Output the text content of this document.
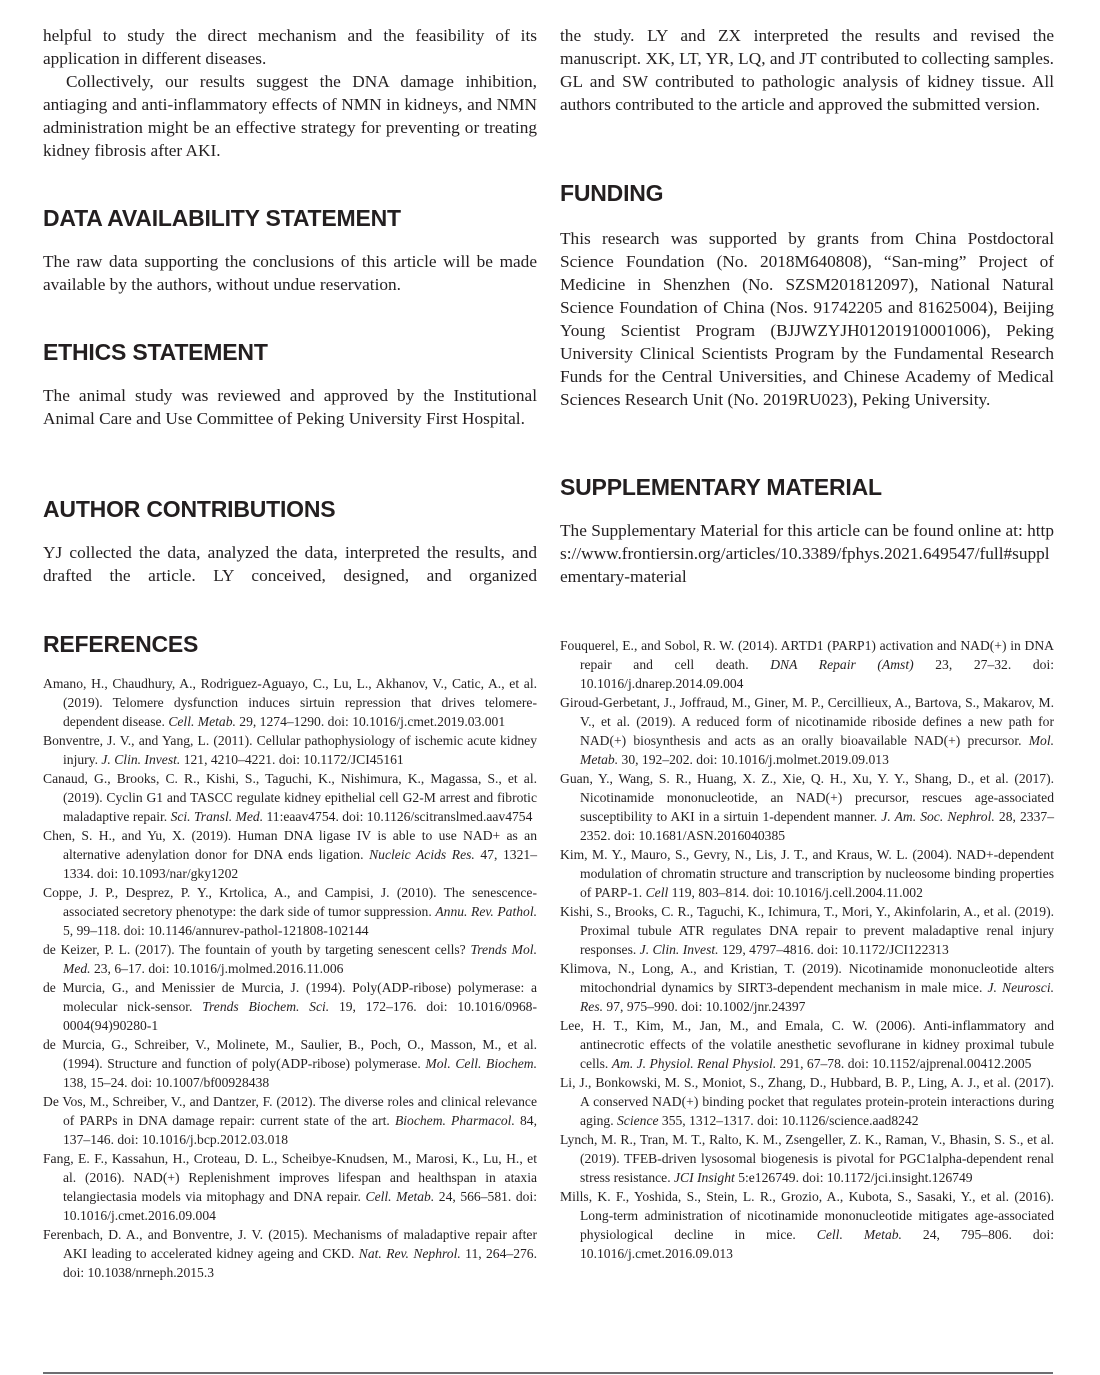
helpful to study the direct mechanism and the feasibility of its application in different diseases.

Collectively, our results suggest the DNA damage inhibition, antiaging and anti-inflammatory effects of NMN in kidneys, and NMN administration might be an effective strategy for preventing or treating kidney fibrosis after AKI.

DATA AVAILABILITY STATEMENT

The raw data supporting the conclusions of this article will be made available by the authors, without undue reservation.

ETHICS STATEMENT

The animal study was reviewed and approved by the Institutional Animal Care and Use Committee of Peking University First Hospital.

AUTHOR CONTRIBUTIONS

YJ collected the data, analyzed the data, interpreted the results, and drafted the article. LY conceived, designed, and organized

the study. LY and ZX interpreted the results and revised the manuscript. XK, LT, YR, LQ, and JT contributed to collecting samples. GL and SW contributed to pathologic analysis of kidney tissue. All authors contributed to the article and approved the submitted version.

FUNDING

This research was supported by grants from China Postdoctoral Science Foundation (No. 2018M640808), “San-ming” Project of Medicine in Shenzhen (No. SZSM201812097), National Natural Science Foundation of China (Nos. 91742205 and 81625004), Beijing Young Scientist Program (BJJWZYJH01201910001006), Peking University Clinical Scientists Program by the Fundamental Research Funds for the Central Universities, and Chinese Academy of Medical Sciences Research Unit (No. 2019RU023), Peking University.

SUPPLEMENTARY MATERIAL

The Supplementary Material for this article can be found online at: https://www.frontiersin.org/articles/10.3389/fphys.2021.649547/full#supplementary-material

REFERENCES

Amano, H., Chaudhury, A., Rodriguez-Aguayo, C., Lu, L., Akhanov, V., Catic, A., et al. (2019). Telomere dysfunction induces sirtuin repression that drives telomere-dependent disease. Cell. Metab. 29, 1274–1290. doi: 10.1016/j.cmet.2019.03.001

Bonventre, J. V., and Yang, L. (2011). Cellular pathophysiology of ischemic acute kidney injury. J. Clin. Invest. 121, 4210–4221. doi: 10.1172/JCI45161

Canaud, G., Brooks, C. R., Kishi, S., Taguchi, K., Nishimura, K., Magassa, S., et al. (2019). Cyclin G1 and TASCC regulate kidney epithelial cell G2-M arrest and fibrotic maladaptive repair. Sci. Transl. Med. 11:eaav4754. doi: 10.1126/scitranslmed.aav4754

Chen, S. H., and Yu, X. (2019). Human DNA ligase IV is able to use NAD+ as an alternative adenylation donor for DNA ends ligation. Nucleic Acids Res. 47, 1321–1334. doi: 10.1093/nar/gky1202

Coppe, J. P., Desprez, P. Y., Krtolica, A., and Campisi, J. (2010). The senescence-associated secretory phenotype: the dark side of tumor suppression. Annu. Rev. Pathol. 5, 99–118. doi: 10.1146/annurev-pathol-121808-102144

de Keizer, P. L. (2017). The fountain of youth by targeting senescent cells? Trends Mol. Med. 23, 6–17. doi: 10.1016/j.molmed.2016.11.006

de Murcia, G., and Menissier de Murcia, J. (1994). Poly(ADP-ribose) polymerase: a molecular nick-sensor. Trends Biochem. Sci. 19, 172–176. doi: 10.1016/0968-0004(94)90280-1

de Murcia, G., Schreiber, V., Molinete, M., Saulier, B., Poch, O., Masson, M., et al. (1994). Structure and function of poly(ADP-ribose) polymerase. Mol. Cell. Biochem. 138, 15–24. doi: 10.1007/bf00928438

De Vos, M., Schreiber, V., and Dantzer, F. (2012). The diverse roles and clinical relevance of PARPs in DNA damage repair: current state of the art. Biochem. Pharmacol. 84, 137–146. doi: 10.1016/j.bcp.2012.03.018

Fang, E. F., Kassahun, H., Croteau, D. L., Scheibye-Knudsen, M., Marosi, K., Lu, H., et al. (2016). NAD(+) Replenishment improves lifespan and healthspan in ataxia telangiectasia models via mitophagy and DNA repair. Cell. Metab. 24, 566–581. doi: 10.1016/j.cmet.2016.09.004

Ferenbach, D. A., and Bonventre, J. V. (2015). Mechanisms of maladaptive repair after AKI leading to accelerated kidney ageing and CKD. Nat. Rev. Nephrol. 11, 264–276. doi: 10.1038/nrneph.2015.3

Fouquerel, E., and Sobol, R. W. (2014). ARTD1 (PARP1) activation and NAD(+) in DNA repair and cell death. DNA Repair (Amst) 23, 27–32. doi: 10.1016/j.dnarep.2014.09.004

Giroud-Gerbetant, J., Joffraud, M., Giner, M. P., Cercillieux, A., Bartova, S., Makarov, M. V., et al. (2019). A reduced form of nicotinamide riboside defines a new path for NAD(+) biosynthesis and acts as an orally bioavailable NAD(+) precursor. Mol. Metab. 30, 192–202. doi: 10.1016/j.molmet.2019.09.013

Guan, Y., Wang, S. R., Huang, X. Z., Xie, Q. H., Xu, Y. Y., Shang, D., et al. (2017). Nicotinamide mononucleotide, an NAD(+) precursor, rescues age-associated susceptibility to AKI in a sirtuin 1-dependent manner. J. Am. Soc. Nephrol. 28, 2337–2352. doi: 10.1681/ASN.2016040385

Kim, M. Y., Mauro, S., Gevry, N., Lis, J. T., and Kraus, W. L. (2004). NAD+-dependent modulation of chromatin structure and transcription by nucleosome binding properties of PARP-1. Cell 119, 803–814. doi: 10.1016/j.cell.2004.11.002

Kishi, S., Brooks, C. R., Taguchi, K., Ichimura, T., Mori, Y., Akinfolarin, A., et al. (2019). Proximal tubule ATR regulates DNA repair to prevent maladaptive renal injury responses. J. Clin. Invest. 129, 4797–4816. doi: 10.1172/JCI122313

Klimova, N., Long, A., and Kristian, T. (2019). Nicotinamide mononucleotide alters mitochondrial dynamics by SIRT3-dependent mechanism in male mice. J. Neurosci. Res. 97, 975–990. doi: 10.1002/jnr.24397

Lee, H. T., Kim, M., Jan, M., and Emala, C. W. (2006). Anti-inflammatory and antinecrotic effects of the volatile anesthetic sevoflurane in kidney proximal tubule cells. Am. J. Physiol. Renal Physiol. 291, 67–78. doi: 10.1152/ajprenal.00412.2005

Li, J., Bonkowski, M. S., Moniot, S., Zhang, D., Hubbard, B. P., Ling, A. J., et al. (2017). A conserved NAD(+) binding pocket that regulates protein-protein interactions during aging. Science 355, 1312–1317. doi: 10.1126/science.aad8242

Lynch, M. R., Tran, M. T., Ralto, K. M., Zsengeller, Z. K., Raman, V., Bhasin, S. S., et al. (2019). TFEB-driven lysosomal biogenesis is pivotal for PGC1alpha-dependent renal stress resistance. JCI Insight 5:e126749. doi: 10.1172/jci.insight.126749

Mills, K. F., Yoshida, S., Stein, L. R., Grozio, A., Kubota, S., Sasaki, Y., et al. (2016). Long-term administration of nicotinamide mononucleotide mitigates age-associated physiological decline in mice. Cell. Metab. 24, 795–806. doi: 10.1016/j.cmet.2016.09.013
